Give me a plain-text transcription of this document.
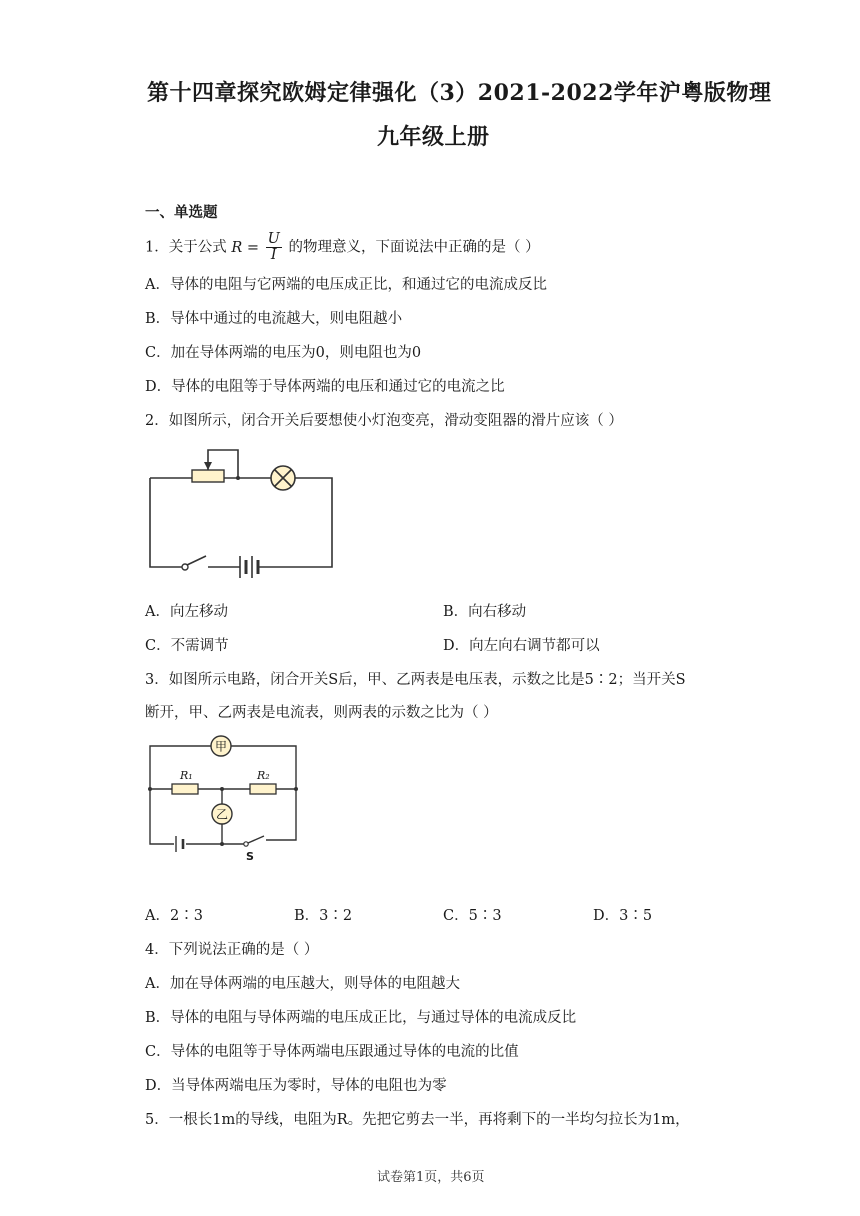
第十四章探究欧姆定律强化（3）2021-2022学年沪粤版物理
九年级上册
一、单选题
1．关于公式 $R = \frac{U}{I}$ 的物理意义，下面说法中正确的是（ ）
A．导体的电阻与它两端的电压成正比，和通过它的电流成反比
B．导体中通过的电流越大，则电阻越小
C．加在导体两端的电压为0，则电阻也为0
D．导体的电阻等于导体两端的电压和通过它的电流之比
2．如图所示，闭合开关后要想使小灯泡变亮，滑动变阻器的滑片应该（ ）
A．向左移动	B．向右移动
C．不需调节	D．向左向右调节都可以
3．如图所示电路，闭合开关S后，甲、乙两表是电压表，示数之比是5∶2；当开关S
断开，甲、乙两表是电流表，则两表的示数之比为（ ）
甲
R₁	R₂
乙
S
A．2∶3	B．3∶2	C．5∶3	D．3∶5
4．下列说法正确的是（ ）
A．加在导体两端的电压越大，则导体的电阻越大
B．导体的电阻与导体两端的电压成正比，与通过导体的电流成反比
C．导体的电阻等于导体两端电压跟通过导体的电流的比值
D．当导体两端电压为零时，导体的电阻也为零
5．一根长1m的导线，电阻为R。先把它剪去一半，再将剩下的一半均匀拉长为1m，
试卷第1页，共6页
